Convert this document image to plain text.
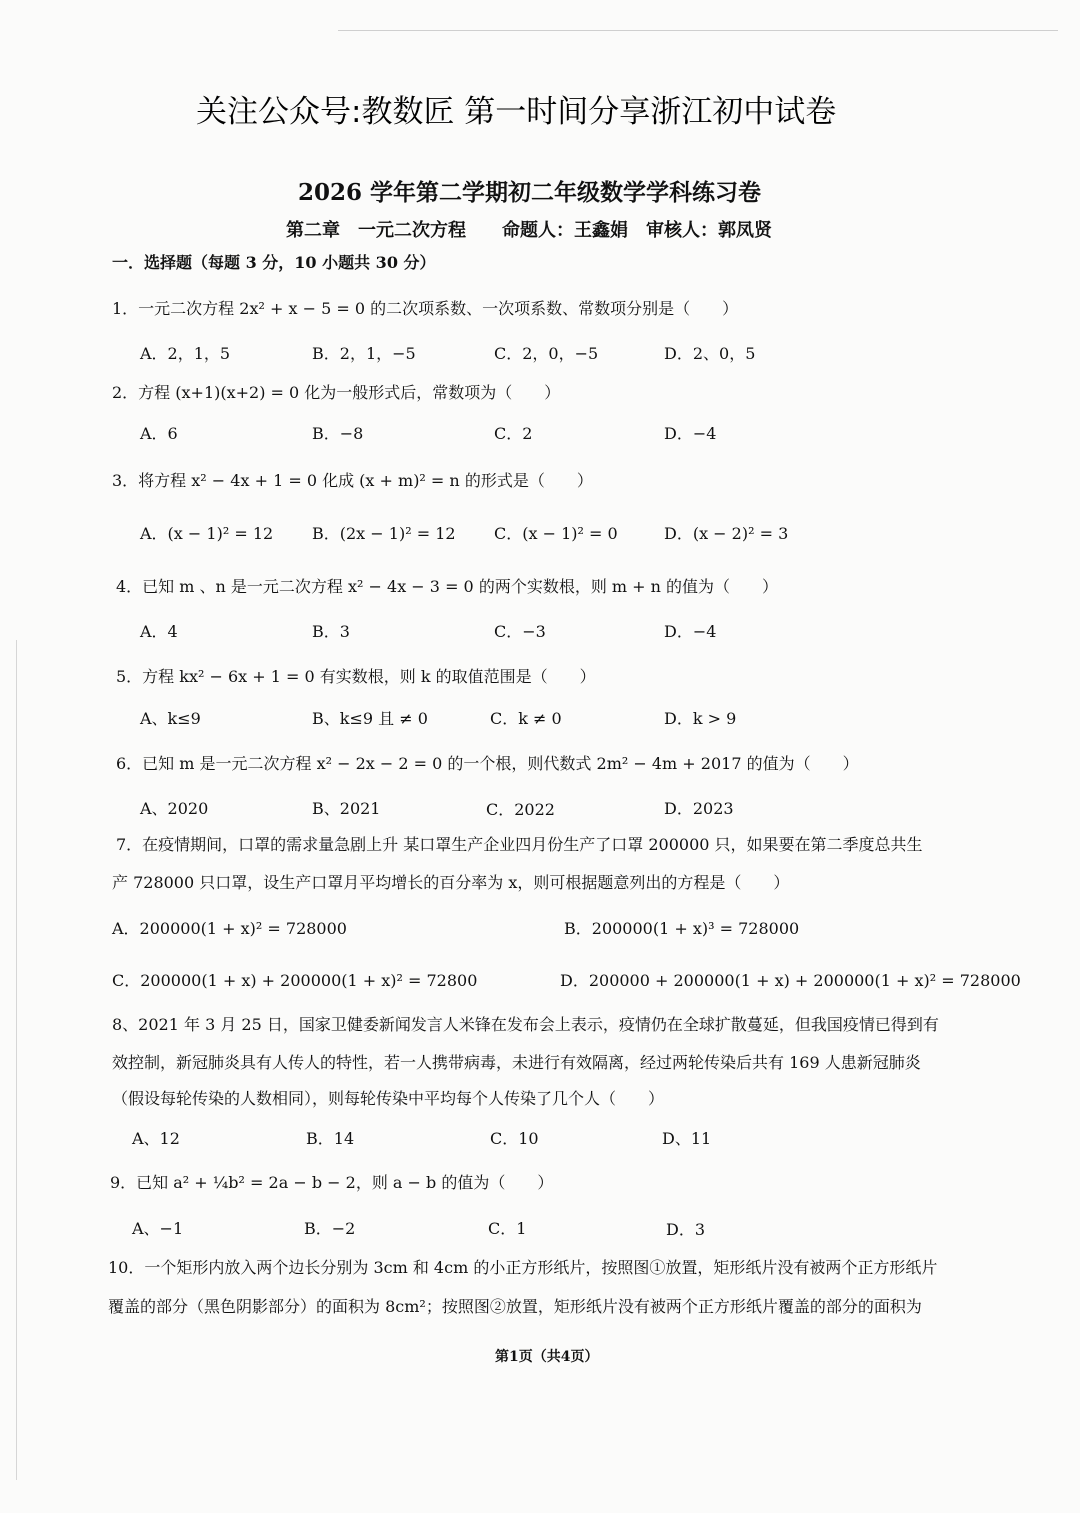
关注公众号:教数匠 第一时间分享浙江初中试卷
2026 学年第二学期初二年级数学学科练习卷
第二章　一元二次方程　　命题人：王鑫娟　审核人：郭凤贤
一．选择题（每题 3 分，10 小题共 30 分）
1．一元二次方程 2x² + x − 5 = 0 的二次项系数、一次项系数、常数项分别是（　　）
A．2，1，5	B．2，1，−5	C．2，0，−5	D．2、0，5
2．方程 (x+1)(x+2) = 0 化为一般形式后，常数项为（　　）
A．6	B．−8	C．2	D．−4
3．将方程 x² − 4x + 1 = 0 化成 (x + m)² = n 的形式是（　　）
A．(x − 1)² = 12 B．(2x − 1)² = 12 C．(x − 1)² = 0	D．(x − 2)² = 3
4．已知 m 、n 是一元二次方程 x² − 4x − 3 = 0 的两个实数根，则 m + n 的值为（　　）
A．4	B．3	C．−3	D．−4
5．方程 kx² − 6x + 1 = 0 有实数根，则 k 的取值范围是（　　）
A、k≤9	B、k≤9 且 ≠ 0	C．k ≠ 0	D．k > 9
6．已知 m 是一元二次方程 x² − 2x − 2 = 0 的一个根，则代数式 2m² − 4m + 2017 的值为（　　）
A、2020	B、2021	C．2022	D．2023
7．在疫情期间，口罩的需求量急剧上升 某口罩生产企业四月份生产了口罩 200000 只，如果要在第二季度总共生
产 728000 只口罩，设生产口罩月平均增长的百分率为 x，则可根据题意列出的方程是（　　）
A．200000(1 + x)² = 728000	B．200000(1 + x)³ = 728000
C．200000(1 + x) + 200000(1 + x)² = 72800	D．200000 + 200000(1 + x) + 200000(1 + x)² = 728000
8、2021 年 3 月 25 日，国家卫健委新闻发言人米锋在发布会上表示，疫情仍在全球扩散蔓延，但我国疫情已得到有
效控制，新冠肺炎具有人传人的特性，若一人携带病毒，未进行有效隔离，经过两轮传染后共有 169 人患新冠肺炎
（假设每轮传染的人数相同），则每轮传染中平均每个人传染了几个人（　　）
A、12	B．14	C．10	D、11
9．已知 a² + ¼b² = 2a − b − 2，则 a − b 的值为（　　）
A、−1	B．−2	C．1	D．3
10．一个矩形内放入两个边长分别为 3cm 和 4cm 的小正方形纸片，按照图①放置，矩形纸片没有被两个正方形纸片
覆盖的部分（黑色阴影部分）的面积为 8cm²；按照图②放置，矩形纸片没有被两个正方形纸片覆盖的部分的面积为
第1页（共4页）
